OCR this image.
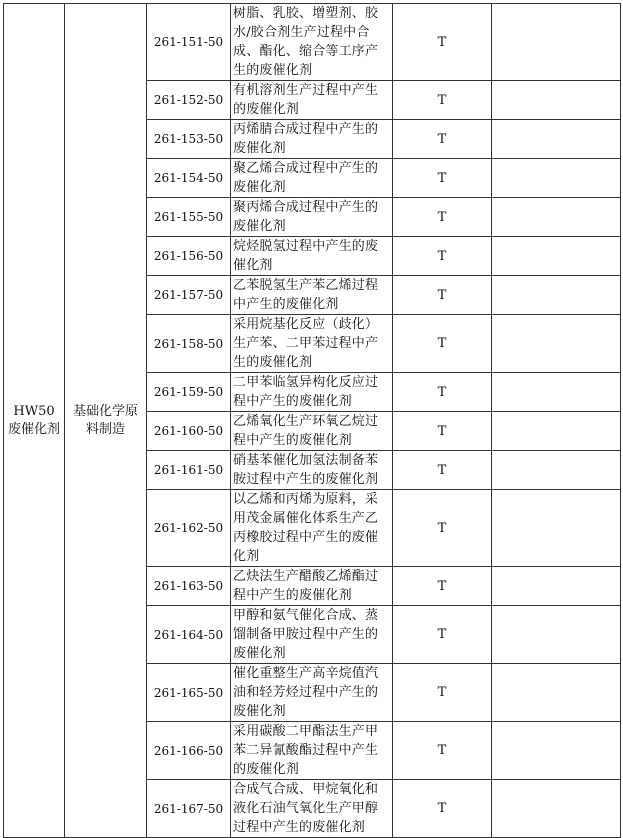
HW50 废催化剂	基础化学原料制造	261-151-50	树脂、乳胶、增塑剂、胶水/胶合剂生产过程中合成、酯化、缩合等工序产生的废催化剂	T	
		261-152-50	有机溶剂生产过程中产生的废催化剂	T	
		261-153-50	丙烯腈合成过程中产生的废催化剂	T	
		261-154-50	聚乙烯合成过程中产生的废催化剂	T	
		261-155-50	聚丙烯合成过程中产生的废催化剂	T	
		261-156-50	烷烃脱氢过程中产生的废催化剂	T	
		261-157-50	乙苯脱氢生产苯乙烯过程中产生的废催化剂	T	
		261-158-50	采用烷基化反应（歧化）生产苯、二甲苯过程中产生的废催化剂	T	
		261-159-50	二甲苯临氢异构化反应过程中产生的废催化剂	T	
		261-160-50	乙烯氧化生产环氧乙烷过程中产生的废催化剂	T	
		261-161-50	硝基苯催化加氢法制备苯胺过程中产生的废催化剂	T	
		261-162-50	以乙烯和丙烯为原料，采用茂金属催化体系生产乙丙橡胶过程中产生的废催化剂	T	
		261-163-50	乙炔法生产醋酸乙烯酯过程中产生的废催化剂	T	
		261-164-50	甲醇和氨气催化合成、蒸馏制备甲胺过程中产生的废催化剂	T	
		261-165-50	催化重整生产高辛烷值汽油和轻芳烃过程中产生的废催化剂	T	
		261-166-50	采用碳酸二甲酯法生产甲苯二异氰酸酯过程中产生的废催化剂	T	
		261-167-50	合成气合成、甲烷氧化和液化石油气氧化生产甲醇过程中产生的废催化剂	T	
